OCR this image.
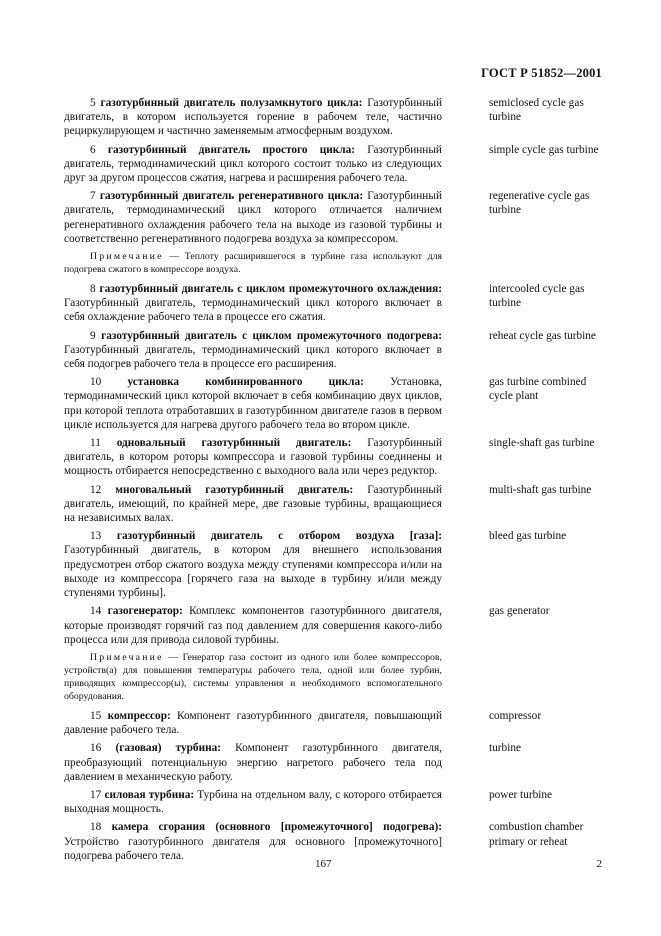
ГОСТ Р 51852—2001
5 газотурбинный двигатель полузамкнутого цикла: Газотурбинный двигатель, в котором используется горение в рабочем теле, частично рециркулирующем и частично заменяемым атмосферным воздухом.
semiclosed cycle gas turbine
6 газотурбинный двигатель простого цикла: Газотурбинный двигатель, термодинамический цикл которого состоит только из следующих друг за другом процессов сжатия, нагрева и расширения рабочего тела.
simple cycle gas turbine
7 газотурбинный двигатель регенеративного цикла: Газотурбинный двигатель, термодинамический цикл которого отличается наличием регенеративного охлаждения рабочего тела на выходе из газовой турбины и соответственно регенеративного подогрева воздуха за компрессором.
regenerative cycle gas turbine
Примечание — Теплоту расширившегося в турбине газа используют для подогрева сжатого в компрессоре воздуха.
8 газотурбинный двигатель с циклом промежуточного охлаждения: Газотурбинный двигатель, термодинамический цикл которого включает в себя охлаждение рабочего тела в процессе его сжатия.
intercooled cycle gas turbine
9 газотурбинный двигатель с циклом промежуточного подогрева: Газотурбинный двигатель, термодинамический цикл которого включает в себя подогрев рабочего тела в процессе его расширения.
reheat cycle gas turbine
10 установка комбинированного цикла: Установка, термодинамический цикл которой включает в себя комбинацию двух циклов, при которой теплота отработавших в газотурбинном двигателе газов в первом цикле используется для нагрева другого рабочего тела во втором цикле.
gas turbine combined cycle plant
11 одновальный газотурбинный двигатель: Газотурбинный двигатель, в котором роторы компрессора и газовой турбины соединены и мощность отбирается непосредственно с выходного вала или через редуктор.
single-shaft gas turbine
12 многовальный газотурбинный двигатель: Газотурбинный двигатель, имеющий, по крайней мере, две газовые турбины, вращающиеся на независимых валах.
multi-shaft gas turbine
13 газотурбинный двигатель с отбором воздуха [газа]: Газотурбинный двигатель, в котором для внешнего использования предусмотрен отбор сжатого воздуха между ступенями компрессора и/или на выходе из компрессора [горячего газа на выходе в турбину и/или между ступенями турбины].
bleed gas turbine
14 газогенератор: Комплекс компонентов газотурбинного двигателя, которые производят горячий газ под давлением для совершения какого-либо процесса или для привода силовой турбины.
gas generator
Примечание — Генератор газа состоит из одного или более компрессоров, устройств(а) для повышения температуры рабочего тела, одной или более турбин, приводящих компрессор(ы), системы управления и необходимого вспомогательного оборудования.
15 компрессор: Компонент газотурбинного двигателя, повышающий давление рабочего тела.
compressor
16 (газовая) турбина: Компонент газотурбинного двигателя, преобразующий потенциальную энергию нагретого рабочего тела под давлением в механическую работу.
turbine
17 силовая турбина: Турбина на отдельном валу, с которого отбирается выходная мощность.
power turbine
18 камера сгорания (основного [промежуточного] подогрева): Устройство газотурбинного двигателя для основного [промежуточного] подогрева рабочего тела.
combustion chamber primary or reheat
167	2
